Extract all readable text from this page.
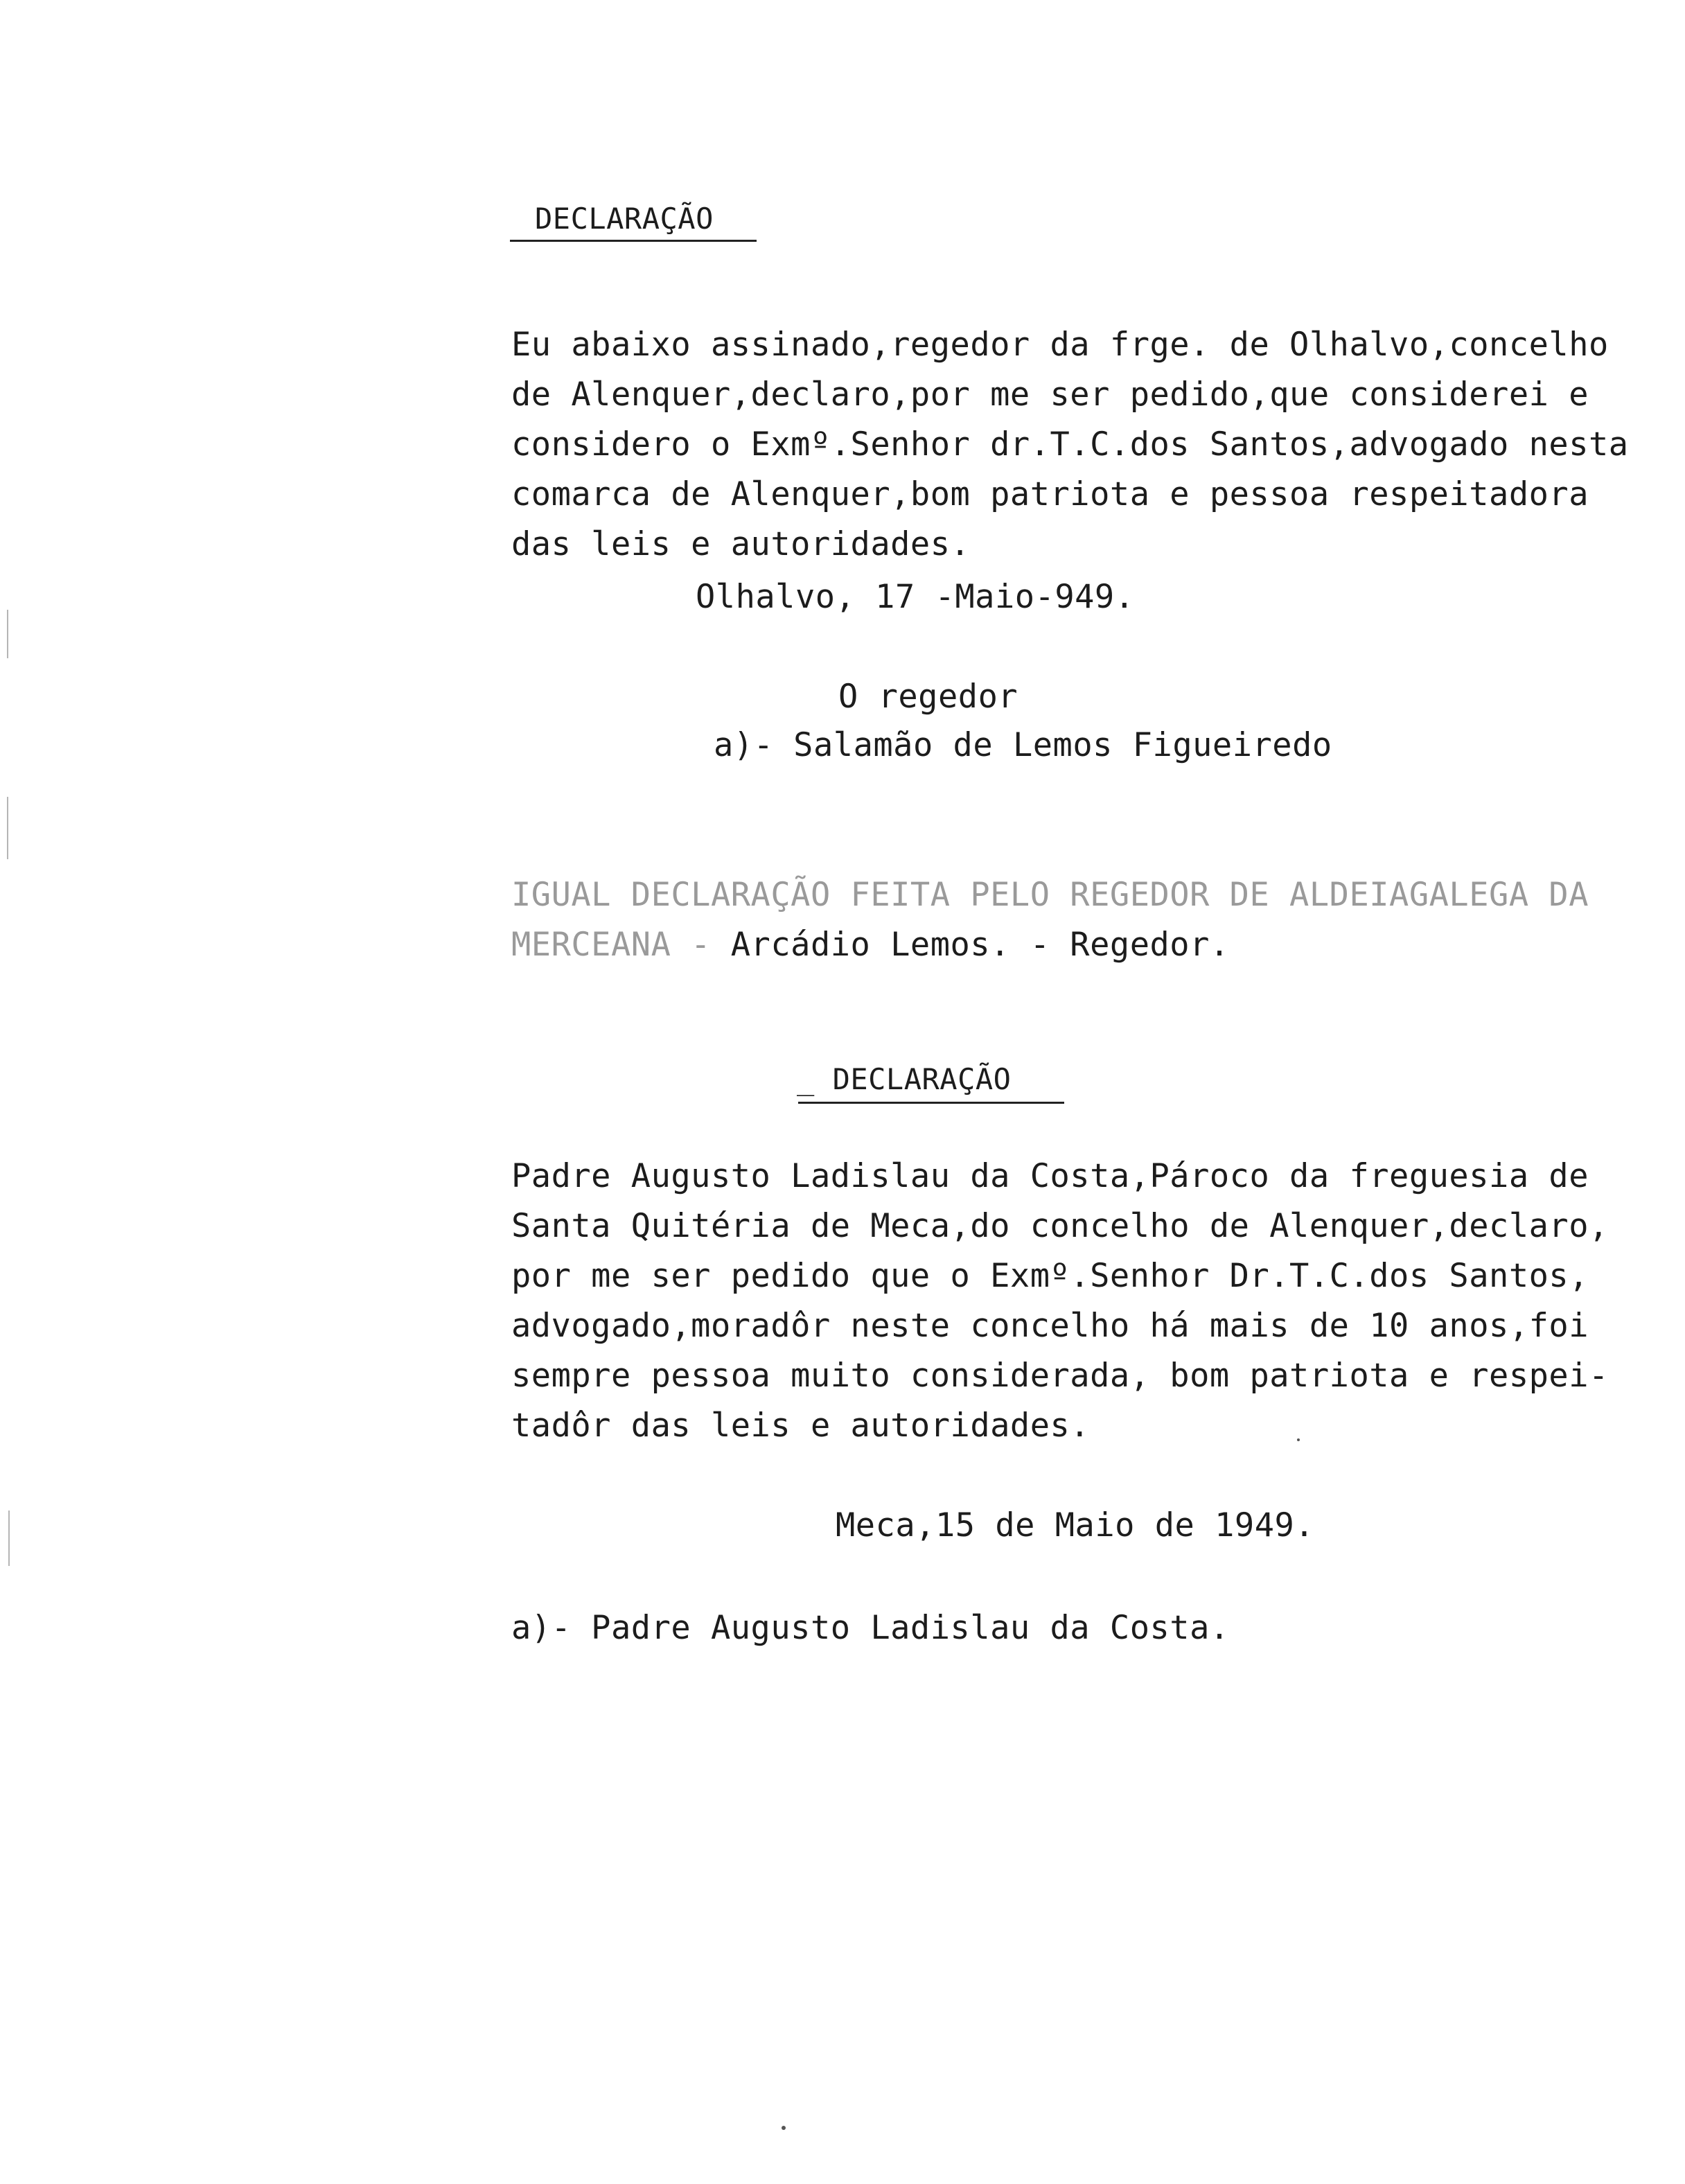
DECLARAÇÃO
Eu abaixo assinado,regedor da frge. de Olhalvo,concelho
de Alenquer,declaro,por me ser pedido,que considerei e
considero o Exmº.Senhor dr.T.C.dos Santos,advogado nesta
comarca de Alenquer,bom patriota e pessoa respeitadora
das leis e autoridades.
Olhalvo, 17 -Maio-949.
O regedor
a)- Salamão de Lemos Figueiredo
IGUAL DECLARAÇÃO FEITA PELO REGEDOR DE ALDEIAGALEGA DA
MERCEANA - Arcádio Lemos. - Regedor.
_ DECLARAÇÃO
Padre Augusto Ladislau da Costa,Pároco da freguesia de
Santa Quitéria de Meca,do concelho de Alenquer,declaro,
por me ser pedido que o Exmº.Senhor Dr.T.C.dos Santos,
advogado,moradôr neste concelho há mais de 10 anos,foi
sempre pessoa muito considerada, bom patriota e respei-
tadôr das leis e autoridades.
Meca,15 de Maio de 1949.
a)- Padre Augusto Ladislau da Costa.
